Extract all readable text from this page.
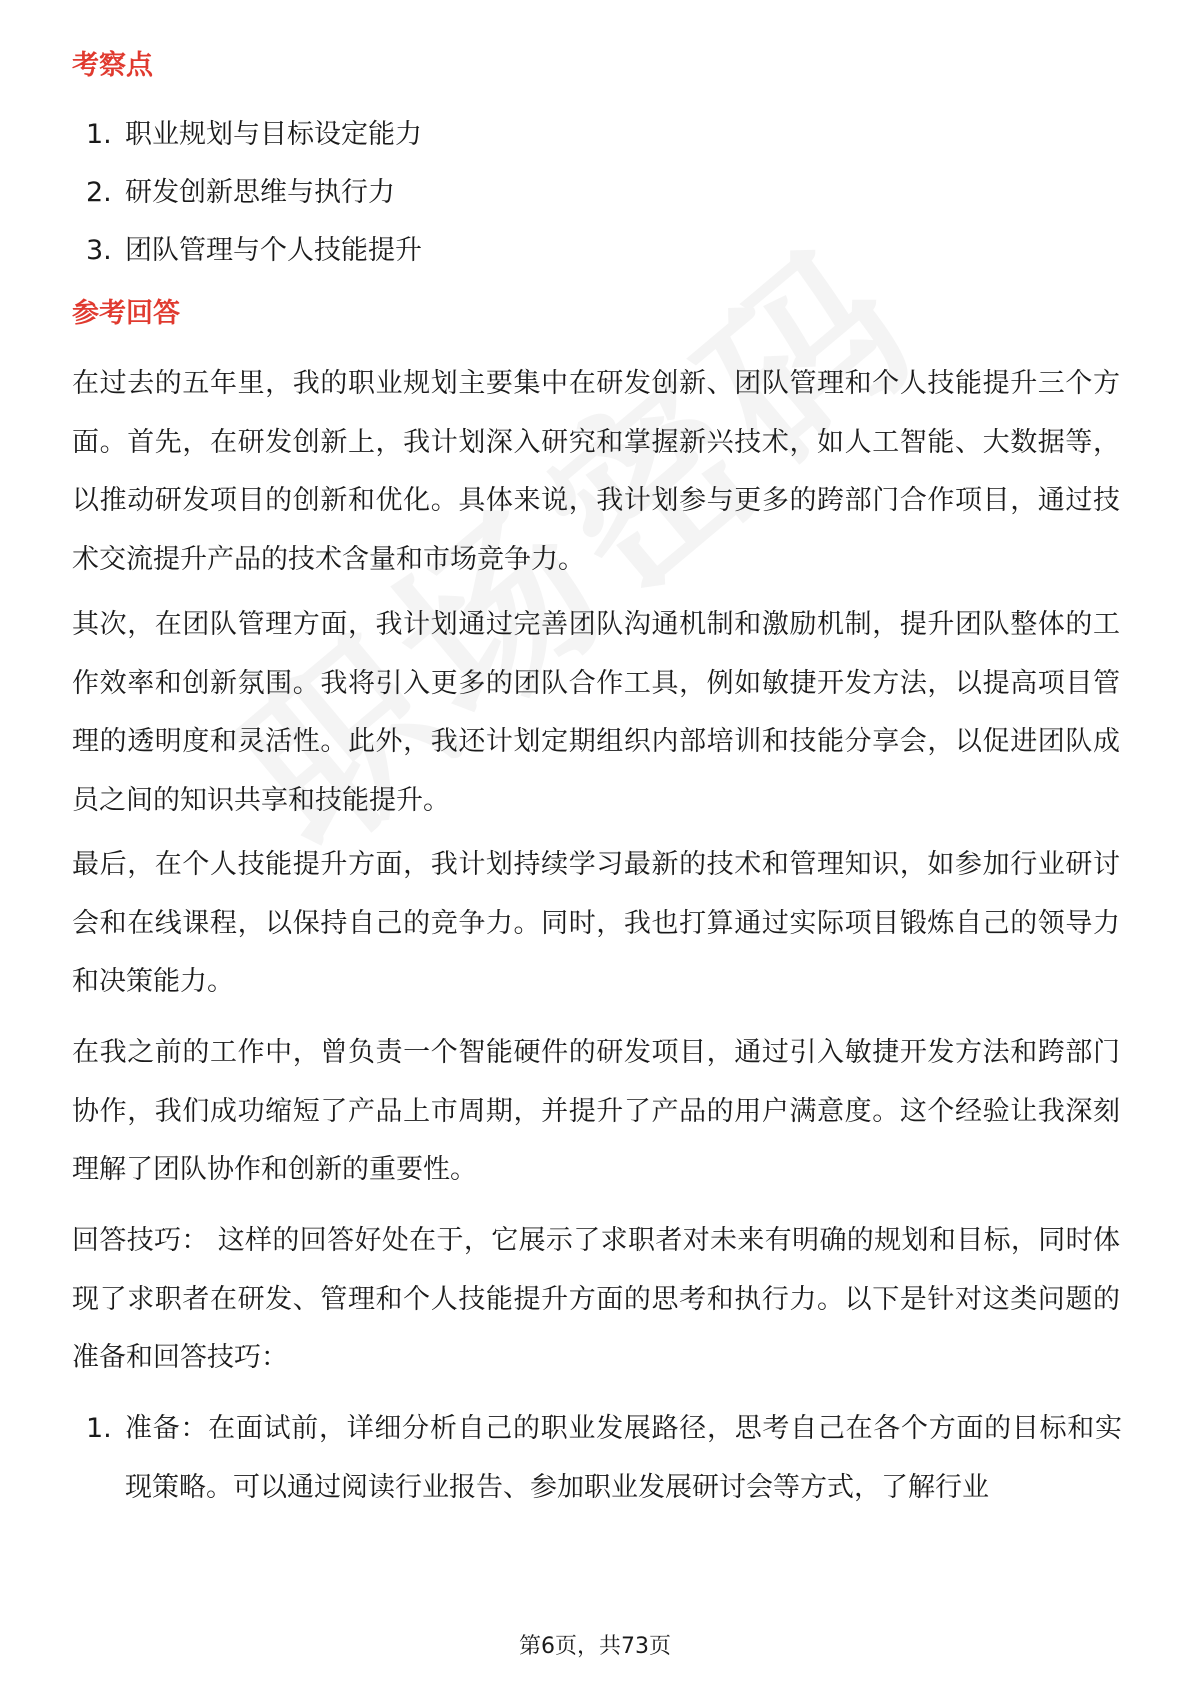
考察点
1. 职业规划与目标设定能力
2. 研发创新思维与执行力
3. 团队管理与个人技能提升
参考回答

在过去的五年里，我的职业规划主要集中在研发创新、团队管理和个人技能提升三个方面。首先，在研发创新上，我计划深入研究和掌握新兴技术，如人工智能、大数据等，以推动研发项目的创新和优化。具体来说，我计划参与更多的跨部门合作项目，通过技术交流提升产品的技术含量和市场竞争力。

其次，在团队管理方面，我计划通过完善团队沟通机制和激励机制，提升团队整体的工作效率和创新氛围。我将引入更多的团队合作工具，例如敏捷开发方法，以提高项目管理的透明度和灵活性。此外，我还计划定期组织内部培训和技能分享会，以促进团队成员之间的知识共享和技能提升。

最后，在个人技能提升方面，我计划持续学习最新的技术和管理知识，如参加行业研讨会和在线课程，以保持自己的竞争力。同时，我也打算通过实际项目锻炼自己的领导力和决策能力。

在我之前的工作中，曾负责一个智能硬件的研发项目，通过引入敏捷开发方法和跨部门协作，我们成功缩短了产品上市周期，并提升了产品的用户满意度。这个经验让我深刻理解了团队协作和创新的重要性。

回答技巧： 这样的回答好处在于，它展示了求职者对未来有明确的规划和目标，同时体现了求职者在研发、管理和个人技能提升方面的思考和执行力。以下是针对这类问题的准备和回答技巧：

1. 准备：在面试前，详细分析自己的职业发展路径，思考自己在各个方面的目标和实现策略。可以通过阅读行业报告、参加职业发展研讨会等方式，了解行业
第6页，共73页
